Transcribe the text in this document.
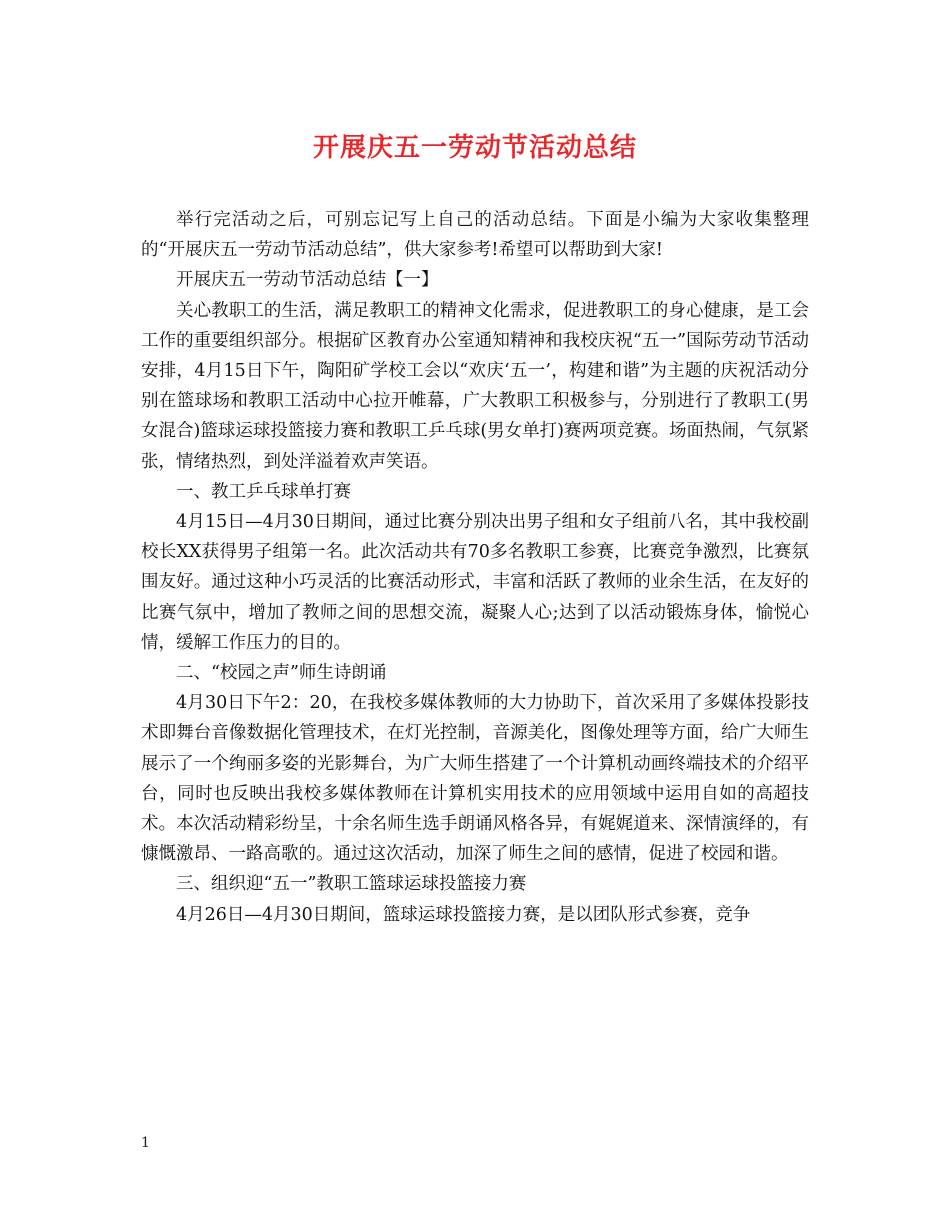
开展庆五一劳动节活动总结

举行完活动之后，可别忘记写上自己的活动总结。下面是小编为大家收集整理的“开展庆五一劳动节活动总结”，供大家参考!希望可以帮助到大家!

开展庆五一劳动节活动总结【一】

关心教职工的生活，满足教职工的精神文化需求，促进教职工的身心健康，是工会工作的重要组织部分。根据矿区教育办公室通知精神和我校庆祝“五一”国际劳动节活动安排，4月15日下午，陶阳矿学校工会以“欢庆‘五一’，构建和谐”为主题的庆祝活动分别在篮球场和教职工活动中心拉开帷幕，广大教职工积极参与，分别进行了教职工(男女混合)篮球运球投篮接力赛和教职工乒乓球(男女单打)赛两项竞赛。场面热闹，气氛紧张，情绪热烈，到处洋溢着欢声笑语。

一、教工乒乓球单打赛

4月15日—4月30日期间，通过比赛分别决出男子组和女子组前八名，其中我校副校长XX获得男子组第一名。此次活动共有70多名教职工参赛，比赛竞争激烈，比赛氛围友好。通过这种小巧灵活的比赛活动形式，丰富和活跃了教师的业余生活，在友好的比赛气氛中，增加了教师之间的思想交流，凝聚人心;达到了以活动锻炼身体，愉悦心情，缓解工作压力的目的。

二、“校园之声”师生诗朗诵

4月30日下午2：20，在我校多媒体教师的大力协助下，首次采用了多媒体投影技术即舞台音像数据化管理技术，在灯光控制，音源美化，图像处理等方面，给广大师生展示了一个绚丽多姿的光影舞台，为广大师生搭建了一个计算机动画终端技术的介绍平台，同时也反映出我校多媒体教师在计算机实用技术的应用领域中运用自如的高超技术。本次活动精彩纷呈，十余名师生选手朗诵风格各异，有娓娓道来、深情演绎的，有慷慨激昂、一路高歌的。通过这次活动，加深了师生之间的感情，促进了校园和谐。

三、组织迎“五一”教职工篮球运球投篮接力赛

4月26日—4月30日期间，篮球运球投篮接力赛，是以团队形式参赛，竞争

1
